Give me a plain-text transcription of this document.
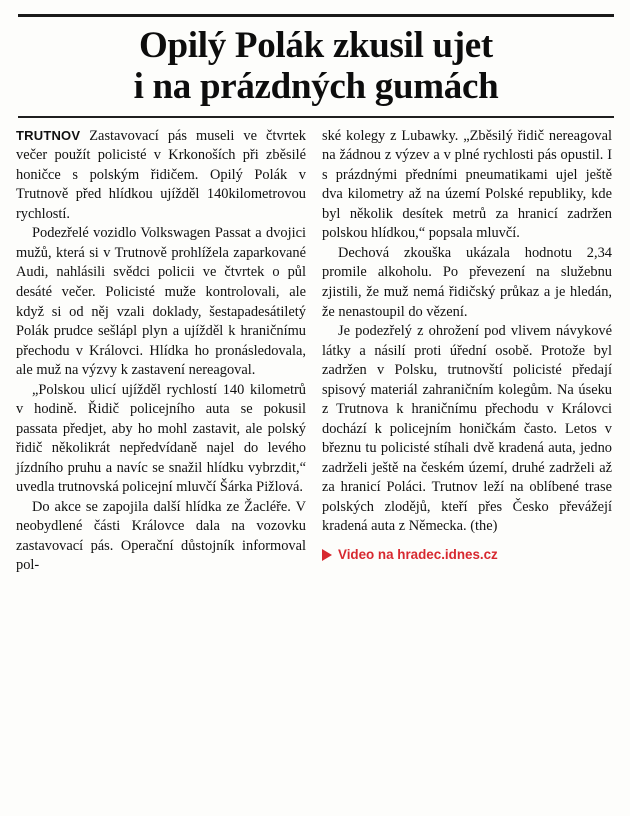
Opilý Polák zkusil ujet
i na prázdných gumách

TRUTNOV Zastavovací pás museli ve čtvrtek večer použít policisté v Krkonoších při zběsilé honičce s polským řidičem. Opilý Polák v Trutnově před hlídkou ujížděl 140kilometrovou rychlostí.

Podezřelé vozidlo Volkswagen Passat a dvojici mužů, která si v Trutnově prohlížela zaparkované Audi, nahlásili svědci policii ve čtvrtek o půl desáté večer. Policisté muže kontrolovali, ale když si od něj vzali doklady, šestapadesátiletý Polák prudce sešlápl plyn a ujížděl k hraničnímu přechodu v Královci. Hlídka ho pronásledovala, ale muž na výzvy k zastavení nereagoval.

„Polskou ulicí ujížděl rychlostí 140 kilometrů v hodině. Řidič policejního auta se pokusil passata předjet, aby ho mohl zastavit, ale polský řidič několikrát nepředvídaně najel do levého jízdního pruhu a navíc se snažil hlídku vybrzdit,“ uvedla trutnovská policejní mluvčí Šárka Pižlová.

Do akce se zapojila další hlídka ze Žacléře. V neobydlené části Královce dala na vozovku zastavovací pás. Operační důstojník informoval pol-

ské kolegy z Lubawky. „Zběsilý řidič nereagoval na žádnou z výzev a v plné rychlosti pás opustil. I s prázdnými předními pneumatikami ujel ještě dva kilometry až na území Polské republiky, kde byl několik desítek metrů za hranicí zadržen polskou hlídkou,“ popsala mluvčí.

Dechová zkouška ukázala hodnotu 2,34 promile alkoholu. Po převezení na služebnu zjistili, že muž nemá řidičský průkaz a je hledán, že nenastoupil do vězení.

Je podezřelý z ohrožení pod vlivem návykové látky a násilí proti úřední osobě. Protože byl zadržen v Polsku, trutnovští policisté předají spisový materiál zahraničním kolegům. Na úseku z Trutnova k hraničnímu přechodu v Královci dochází k policejním honičkám často. Letos v březnu tu policisté stíhali dvě kradená auta, jedno zadrželi ještě na českém území, druhé zadrželi až za hranicí Poláci. Trutnov leží na oblíbené trase polských zlodějů, kteří přes Česko převážejí kradená auta z Německa. (the)

Video na hradec.idnes.cz
